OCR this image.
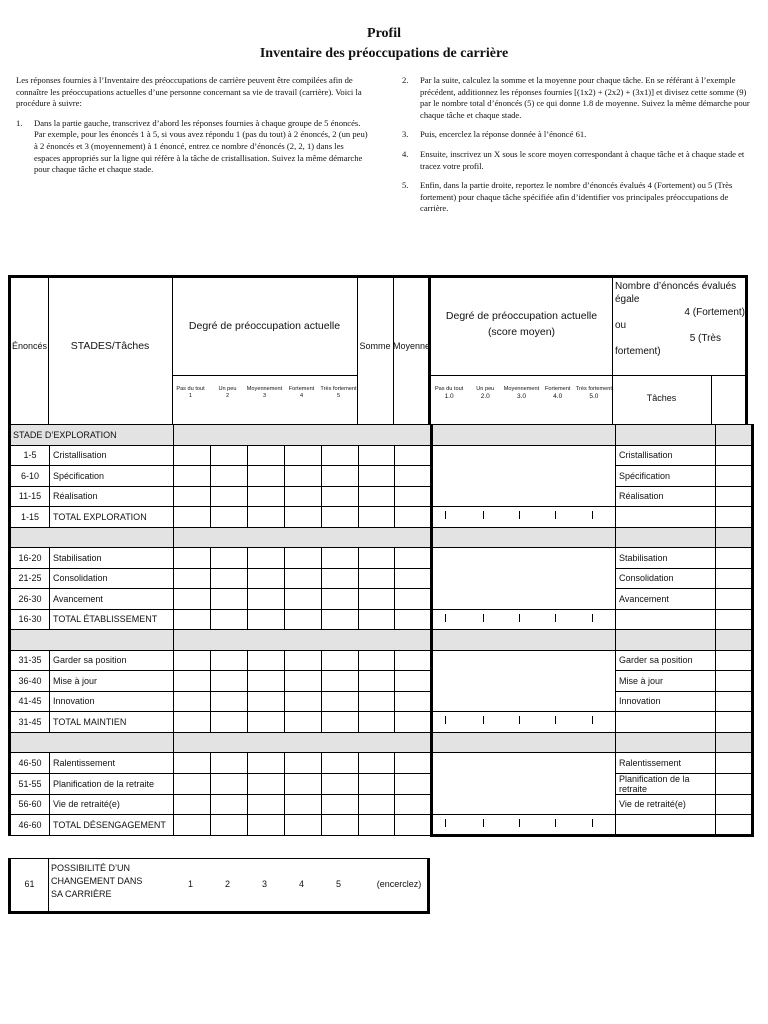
Profil
Inventaire des préoccupations de carrière

Les réponses fournies à l’Inventaire des préoccupations de carrière peuvent être compilées afin de connaître les préoccupations actuelles d’une personne concernant sa vie de travail (carrière). Voici la procédure à suivre:

1.	Dans la partie gauche, transcrivez d’abord les réponses fournies à chaque groupe de 5 énoncés. Par exemple, pour les énoncés 1 à 5, si vous avez répondu 1 (pas du tout) à 2 énoncés, 2 (un peu) à 2 énoncés et 3 (moyennement) à 1 énoncé, entrez ce nombre d’énoncés (2, 2, 1) dans les espaces appropriés sur la ligne qui réfère à la tâche de cristallisation. Suivez la même démarche pour chaque tâche et chaque stade.
2.	Par la suite, calculez la somme et la moyenne pour chaque tâche. En se référant à l’exemple précédent, additionnez les réponses fournies [(1x2) + (2x2) + (3x1)] et divisez cette somme (9) par le nombre total d’énoncés (5) ce qui donne 1.8 de moyenne. Suivez la même démarche pour chaque tâche et chaque stade.
3.	Puis, encerclez la réponse donnée à l’énoncé 61.
4.	Ensuite, inscrivez un X sous le score moyen correspondant à chaque tâche et à chaque stade et tracez votre profil.
5.	Enfin, dans la partie droite, reportez le nombre d’énoncés évalués 4 (Fortement) ou 5 (Très fortement) pour chaque tâche spécifiée afin d’identifier vos principales préoccupations de carrière.
Énoncés	STADES/Tâches
Degré de préoccupation actuelle
Somme Moyenne
Degré de préoccupation actuelle
(score moyen)
Nombre d’énoncés évalués égale
4 (Fortement)
ou
5 (Très
fortement)
Tâches
Pas du tout
1
Un peu
2
Moyennement
3
Fortement
4
Très fortement
5
Pas du tout
1.0
Un peu
2.0
Moyennement
3.0
Fortement
4.0
Très fortement
5.0
STADE D’EXPLORATION											
1-5	Cristallisation									Cristallisation	
6-10	Spécification									Spécification	
11-15	Réalisation									Réalisation	
1-15	TOTAL EXPLORATION								

16-20	Stabilisation									Stabilisation	
21-25	Consolidation									Consolidation	
26-30	Avancement									Avancement	
16-30	TOTAL ÉTABLISSEMENT								

31-35	Garder sa position									Garder sa position	
36-40	Mise à jour									Mise à jour	
41-45	Innovation									Innovation	
31-45	TOTAL MAINTIEN								

46-50	Ralentissement									Ralentissement	
51-55	Planification de la retraite									Planification de la retraite	
56-60	Vie de retraité(e)									Vie de retraité(e)	
46-60	TOTAL DÉSENGAGEMENT								

61
POSSIBILITÉ D’UN
CHANGEMENT DANS
SA CARRIÈRE
1	2	3	4	5	(encerclez)
